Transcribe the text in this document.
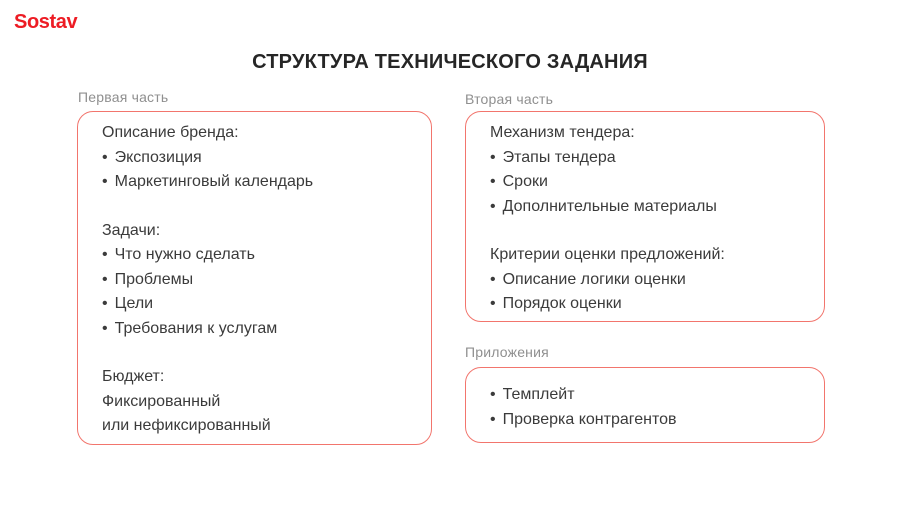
Sostav
СТРУКТУРА ТЕХНИЧЕСКОГО ЗАДАНИЯ
Первая часть
Описание бренда:
• Экспозиция
• Маркетинговый календарь
Задачи:
• Что нужно сделать
• Проблемы
• Цели
• Требования к услугам
Бюджет:
Фиксированный
или нефиксированный
Вторая часть
Механизм тендера:
• Этапы тендера
• Сроки
• Дополнительные материалы
Критерии оценки предложений:
• Описание логики оценки
• Порядок оценки
Приложения
• Темплейт
• Проверка контрагентов
